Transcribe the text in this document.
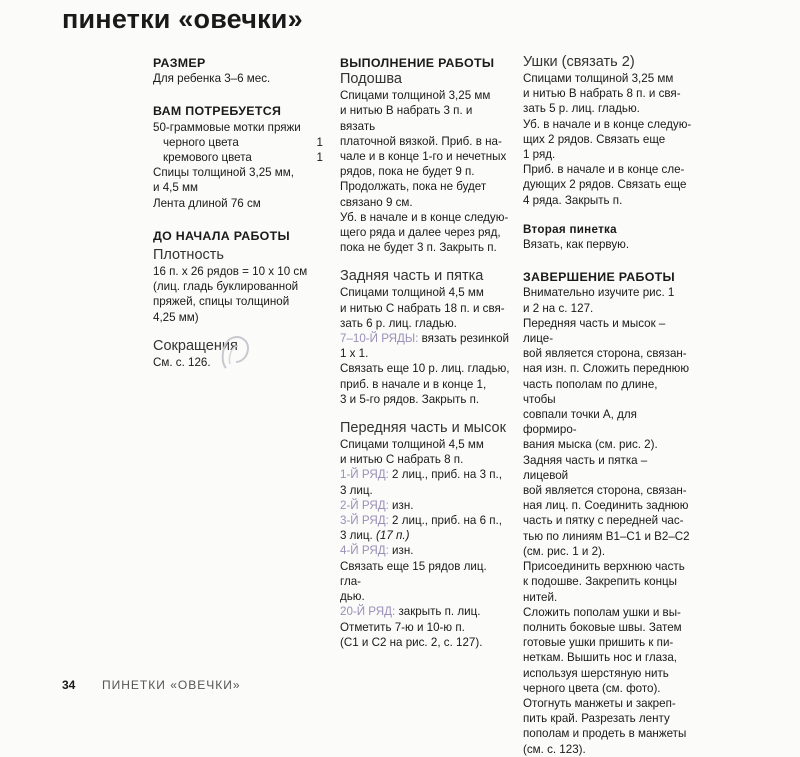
пинетки «овечки»
РАЗМЕР
Для ребенка 3–6 мес.
ВАМ ПОТРЕБУЕТСЯ
50-граммовые мотки пряжи
черного цвета	1
кремового цвета	1
Спицы толщиной 3,25 мм,
и 4,5 мм
Лента длиной 76 см
ДО НАЧАЛА РАБОТЫ
Плотность
16 п. х 26 рядов = 10 х 10 см
(лиц. гладь буклированной
пряжей, спицы толщиной
4,25 мм)
Сокращения
См. с. 126.
ВЫПОЛНЕНИЕ РАБОТЫ
Подошва
Спицами толщиной 3,25 мм
и нитью В набрать 3 п. и вязать
платочной вязкой. Приб. в на-
чале и в конце 1-го и нечетных
рядов, пока не будет 9 п.
Продолжать, пока не будет
связано 9 см.
Уб. в начале и в конце следую-
щего ряда и далее через ряд,
пока не будет 3 п. Закрыть п.
Задняя часть и пятка
Спицами толщиной 4,5 мм
и нитью С набрать 18 п. и свя-
зать 6 р. лиц. гладью.
7–10-Й РЯДЫ: вязать резинкой
1 х 1.
Связать еще 10 р. лиц. гладью,
приб. в начале и в конце 1,
3 и 5-го рядов. Закрыть п.
Передняя часть и мысок
Спицами толщиной 4,5 мм
и нитью С набрать 8 п.
1-Й РЯД: 2 лиц., приб. на 3 п.,
3 лиц.
2-Й РЯД: изн.
3-Й РЯД: 2 лиц., приб. на 6 п.,
3 лиц. (17 п.)
4-Й РЯД: изн.
Связать еще 15 рядов лиц. гла-
дью.
20-Й РЯД: закрыть п. лиц.
Отметить 7-ю и 10-ю п.
(С1 и С2 на рис. 2, с. 127).
Ушки (связать 2)
Спицами толщиной 3,25 мм
и нитью В набрать 8 п. и свя-
зать 5 р. лиц. гладью.
Уб. в начале и в конце следую-
щих 2 рядов. Связать еще
1 ряд.
Приб. в начале и в конце сле-
дующих 2 рядов. Связать еще
4 ряда. Закрыть п.
Вторая пинетка
Вязать, как первую.
ЗАВЕРШЕНИЕ РАБОТЫ
Внимательно изучите рис. 1
и 2 на с. 127.
Передняя часть и мысок – лице-
вой является сторона, связан-
ная изн. п. Сложить переднюю
часть пополам по длине, чтобы
совпали точки А, для формиро-
вания мыска (см. рис. 2).
Задняя часть и пятка – лицевой
вой является сторона, связан-
ная лиц. п. Соединить заднюю
часть и пятку с передней час-
тью по линиям В1–С1 и В2–С2
(см. рис. 1 и 2).
Присоединить верхнюю часть
к подошве. Закрепить концы
нитей.
Сложить пополам ушки и вы-
полнить боковые швы. Затем
готовые ушки пришить к пи-
неткам. Вышить нос и глаза,
используя шерстяную нить
черного цвета (см. фото).
Отогнуть манжеты и закреп-
пить край. Разрезать ленту
пополам и продеть в манжеты
(см. с. 123).
34 ПИНЕТКИ «ОВЕЧКИ»
